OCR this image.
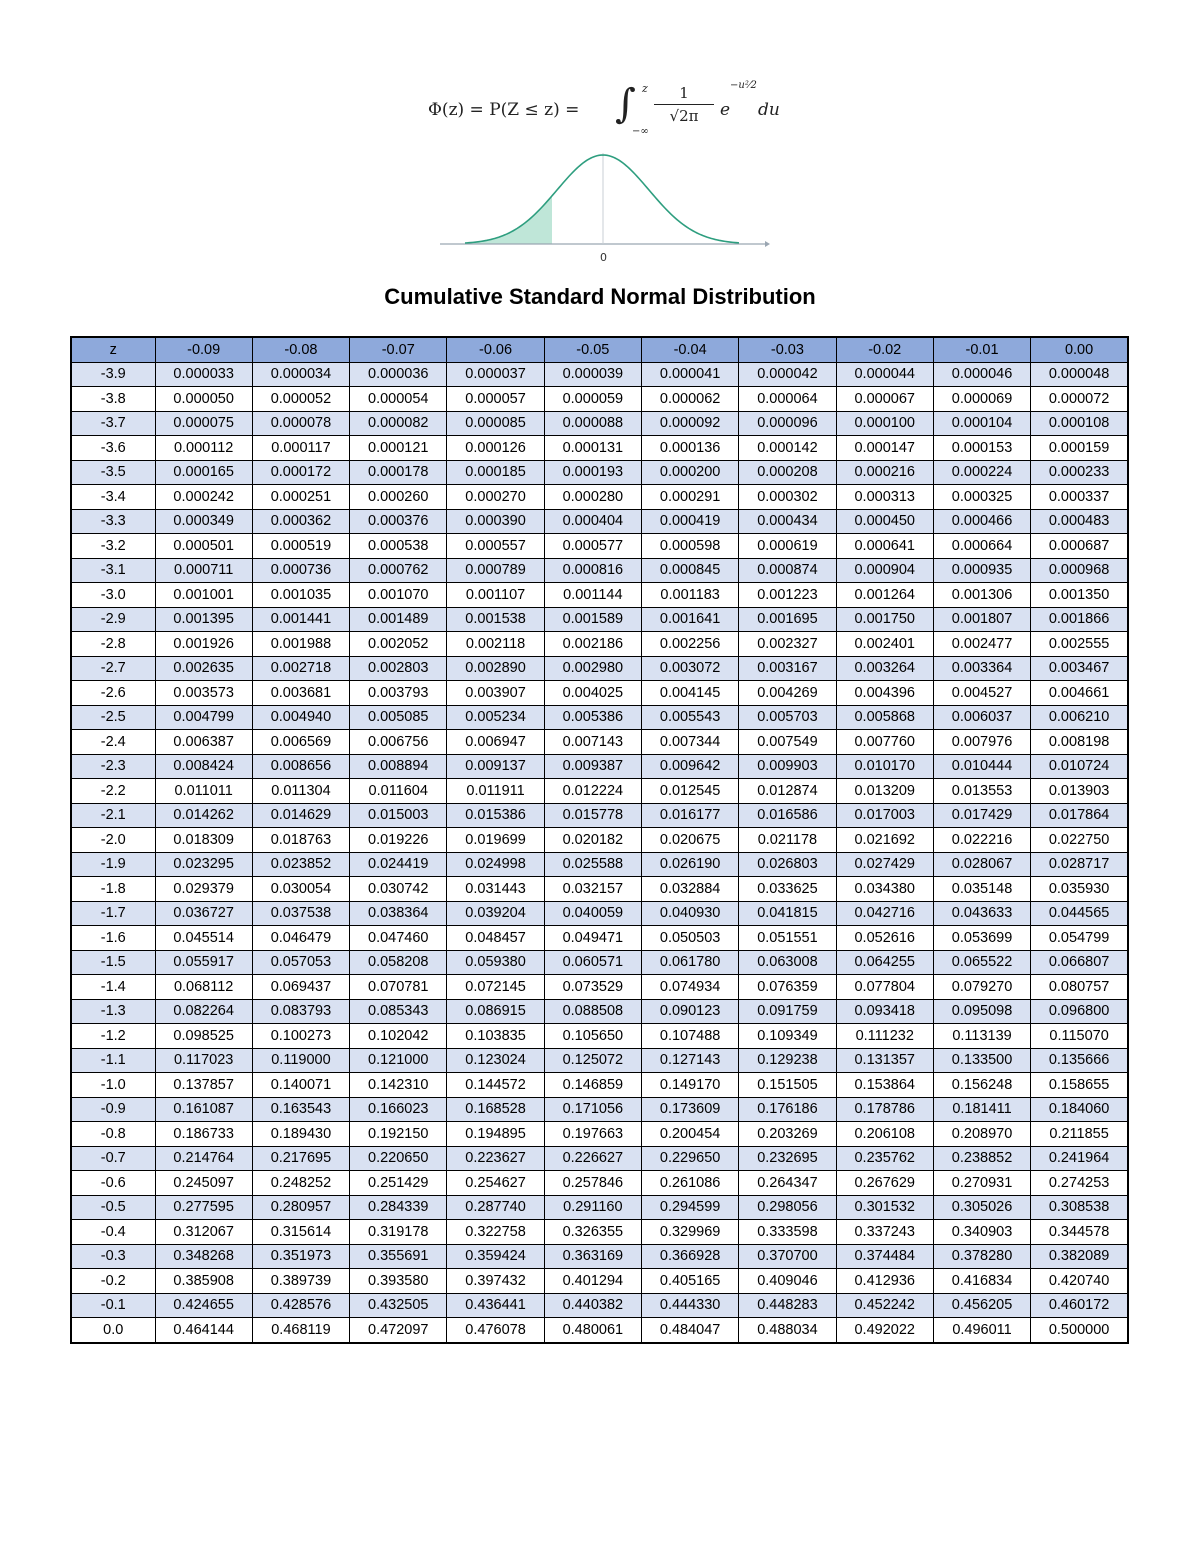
Φ(z) = P(Z ≤ z) = ∫ z
−∞
$\frac{1}{√2\pi}$ e
−u²⁄2
du
0
Cumulative Standard Normal Distribution
z	-0.09	-0.08	-0.07	-0.06	-0.05	-0.04	-0.03	-0.02	-0.01	0.00
-3.9	0.000033	0.000034	0.000036	0.000037	0.000039	0.000041	0.000042	0.000044	0.000046	0.000048
-3.8	0.000050	0.000052	0.000054	0.000057	0.000059	0.000062	0.000064	0.000067	0.000069	0.000072
-3.7	0.000075	0.000078	0.000082	0.000085	0.000088	0.000092	0.000096	0.000100	0.000104	0.000108
-3.6	0.000112	0.000117	0.000121	0.000126	0.000131	0.000136	0.000142	0.000147	0.000153	0.000159
-3.5	0.000165	0.000172	0.000178	0.000185	0.000193	0.000200	0.000208	0.000216	0.000224	0.000233
-3.4	0.000242	0.000251	0.000260	0.000270	0.000280	0.000291	0.000302	0.000313	0.000325	0.000337
-3.3	0.000349	0.000362	0.000376	0.000390	0.000404	0.000419	0.000434	0.000450	0.000466	0.000483
-3.2	0.000501	0.000519	0.000538	0.000557	0.000577	0.000598	0.000619	0.000641	0.000664	0.000687
-3.1	0.000711	0.000736	0.000762	0.000789	0.000816	0.000845	0.000874	0.000904	0.000935	0.000968
-3.0	0.001001	0.001035	0.001070	0.001107	0.001144	0.001183	0.001223	0.001264	0.001306	0.001350
-2.9	0.001395	0.001441	0.001489	0.001538	0.001589	0.001641	0.001695	0.001750	0.001807	0.001866
-2.8	0.001926	0.001988	0.002052	0.002118	0.002186	0.002256	0.002327	0.002401	0.002477	0.002555
-2.7	0.002635	0.002718	0.002803	0.002890	0.002980	0.003072	0.003167	0.003264	0.003364	0.003467
-2.6	0.003573	0.003681	0.003793	0.003907	0.004025	0.004145	0.004269	0.004396	0.004527	0.004661
-2.5	0.004799	0.004940	0.005085	0.005234	0.005386	0.005543	0.005703	0.005868	0.006037	0.006210
-2.4	0.006387	0.006569	0.006756	0.006947	0.007143	0.007344	0.007549	0.007760	0.007976	0.008198
-2.3	0.008424	0.008656	0.008894	0.009137	0.009387	0.009642	0.009903	0.010170	0.010444	0.010724
-2.2	0.011011	0.011304	0.011604	0.011911	0.012224	0.012545	0.012874	0.013209	0.013553	0.013903
-2.1	0.014262	0.014629	0.015003	0.015386	0.015778	0.016177	0.016586	0.017003	0.017429	0.017864
-2.0	0.018309	0.018763	0.019226	0.019699	0.020182	0.020675	0.021178	0.021692	0.022216	0.022750
-1.9	0.023295	0.023852	0.024419	0.024998	0.025588	0.026190	0.026803	0.027429	0.028067	0.028717
-1.8	0.029379	0.030054	0.030742	0.031443	0.032157	0.032884	0.033625	0.034380	0.035148	0.035930
-1.7	0.036727	0.037538	0.038364	0.039204	0.040059	0.040930	0.041815	0.042716	0.043633	0.044565
-1.6	0.045514	0.046479	0.047460	0.048457	0.049471	0.050503	0.051551	0.052616	0.053699	0.054799
-1.5	0.055917	0.057053	0.058208	0.059380	0.060571	0.061780	0.063008	0.064255	0.065522	0.066807
-1.4	0.068112	0.069437	0.070781	0.072145	0.073529	0.074934	0.076359	0.077804	0.079270	0.080757
-1.3	0.082264	0.083793	0.085343	0.086915	0.088508	0.090123	0.091759	0.093418	0.095098	0.096800
-1.2	0.098525	0.100273	0.102042	0.103835	0.105650	0.107488	0.109349	0.111232	0.113139	0.115070
-1.1	0.117023	0.119000	0.121000	0.123024	0.125072	0.127143	0.129238	0.131357	0.133500	0.135666
-1.0	0.137857	0.140071	0.142310	0.144572	0.146859	0.149170	0.151505	0.153864	0.156248	0.158655
-0.9	0.161087	0.163543	0.166023	0.168528	0.171056	0.173609	0.176186	0.178786	0.181411	0.184060
-0.8	0.186733	0.189430	0.192150	0.194895	0.197663	0.200454	0.203269	0.206108	0.208970	0.211855
-0.7	0.214764	0.217695	0.220650	0.223627	0.226627	0.229650	0.232695	0.235762	0.238852	0.241964
-0.6	0.245097	0.248252	0.251429	0.254627	0.257846	0.261086	0.264347	0.267629	0.270931	0.274253
-0.5	0.277595	0.280957	0.284339	0.287740	0.291160	0.294599	0.298056	0.301532	0.305026	0.308538
-0.4	0.312067	0.315614	0.319178	0.322758	0.326355	0.329969	0.333598	0.337243	0.340903	0.344578
-0.3	0.348268	0.351973	0.355691	0.359424	0.363169	0.366928	0.370700	0.374484	0.378280	0.382089
-0.2	0.385908	0.389739	0.393580	0.397432	0.401294	0.405165	0.409046	0.412936	0.416834	0.420740
-0.1	0.424655	0.428576	0.432505	0.436441	0.440382	0.444330	0.448283	0.452242	0.456205	0.460172
0.0	0.464144	0.468119	0.472097	0.476078	0.480061	0.484047	0.488034	0.492022	0.496011	0.500000
